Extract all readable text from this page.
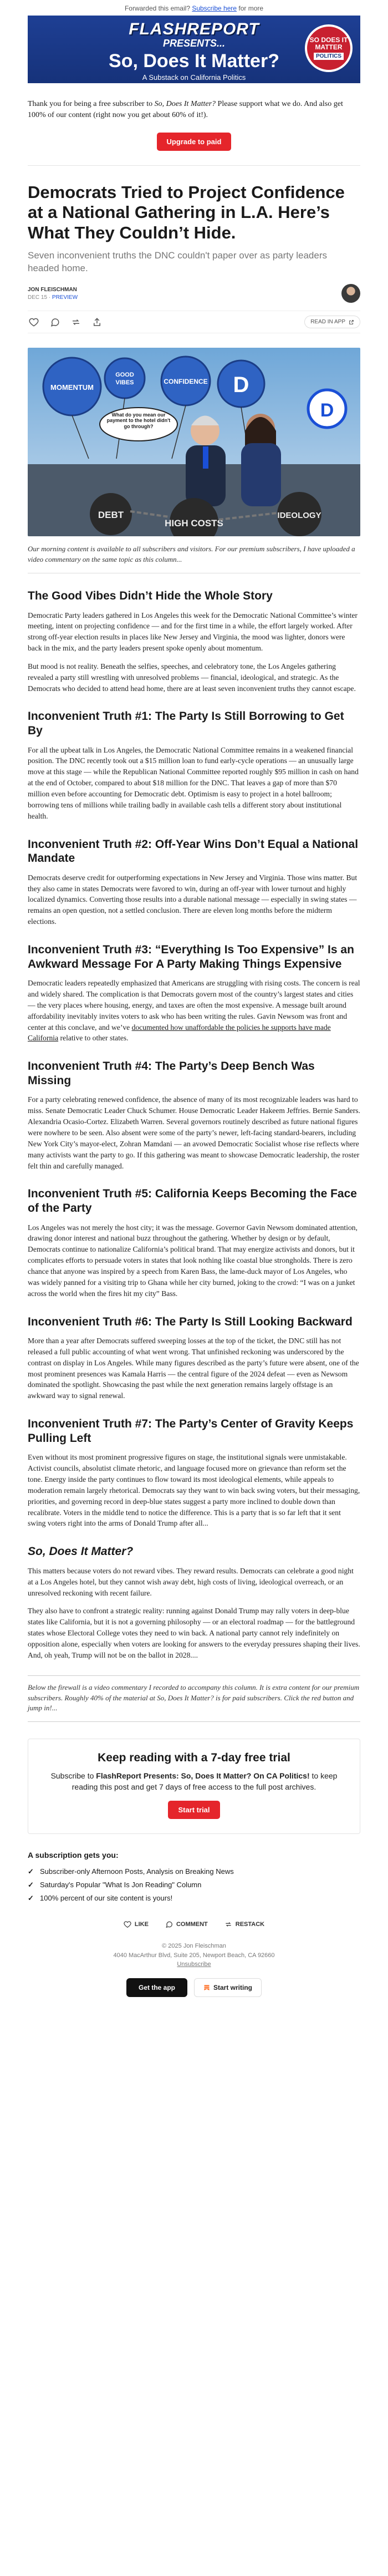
Forwarded this email? Subscribe here for more
FLASHREPORT
PRESENTS...
So, Does It Matter?
A Substack on California Politics
SO DOES IT
MATTER
POLITICS

Thank you for being a free subscriber to So, Does It Matter? Please support what we do. And also get 100% of our content (right now you get about 60% of it!).

Upgrade to paid
Democrats Tried to Project Confidence at a National Gathering in L.A. Here’s What They Couldn’t Hide.
Seven inconvenient truths the DNC couldn't paper over as party leaders headed home.
JON FLEISCHMAN
DEC 15 · PREVIEW
READ IN APP
MOMENTUM
GOOD
VIBES	CONFIDENCE D
What do you mean our payment to the hotel didn't go through?
D
DEBT
HIGH COSTS
IDEOLOGY

Our morning content is available to all subscribers and visitors. For our premium subscribers, I have uploaded a video commentary on the same topic as this column...

The Good Vibes Didn’t Hide the Whole Story

Democratic Party leaders gathered in Los Angeles this week for the Democratic National Committee’s winter meeting, intent on projecting confidence — and for the first time in a while, the effort largely worked. After strong off-year election results in places like New Jersey and Virginia, the mood was lighter, donors were back in the mix, and the party leaders present spoke openly about momentum.

But mood is not reality. Beneath the selfies, speeches, and celebratory tone, the Los Angeles gathering revealed a party still wrestling with unresolved problems — financial, ideological, and strategic. As the Democrats who decided to attend head home, there are at least seven inconvenient truths they cannot escape.

Inconvenient Truth #1: The Party Is Still Borrowing to Get By

For all the upbeat talk in Los Angeles, the Democratic National Committee remains in a weakened financial position. The DNC recently took out a $15 million loan to fund early-cycle operations — an unusually large move at this stage — while the Republican National Committee reported roughly $95 million in cash on hand at the end of October, compared to about $18 million for the DNC. That leaves a gap of more than $70 million even before accounting for Democratic debt. Optimism is easy to project in a hotel ballroom; borrowing tens of millions while trailing badly in available cash tells a different story about institutional health.

Inconvenient Truth #2: Off-Year Wins Don’t Equal a National Mandate

Democrats deserve credit for outperforming expectations in New Jersey and Virginia. Those wins matter. But they also came in states Democrats were favored to win, during an off-year with lower turnout and highly localized dynamics. Converting those results into a durable national message — especially in swing states — remains an open question, not a settled conclusion. There are eleven long months before the midterm elections.

Inconvenient Truth #3: “Everything Is Too Expensive” Is an Awkward Message For A Party Making Things Expensive

Democratic leaders repeatedly emphasized that Americans are struggling with rising costs. The concern is real and widely shared. The complication is that Democrats govern most of the country’s largest states and cities — the very places where housing, energy, and taxes are often the most expensive. A message built around affordability inevitably invites voters to ask who has been writing the rules. Gavin Newsom was front and center at this conclave, and we’ve documented how unaffordable the policies he supports have made California relative to other states.

Inconvenient Truth #4: The Party’s Deep Bench Was Missing

For a party celebrating renewed confidence, the absence of many of its most recognizable leaders was hard to miss. Senate Democratic Leader Chuck Schumer. House Democratic Leader Hakeem Jeffries. Bernie Sanders. Alexandria Ocasio-Cortez. Elizabeth Warren. Several governors routinely described as future national figures were nowhere to be seen. Also absent were some of the party’s newer, left-facing standard-bearers, including New York City’s mayor-elect, Zohran Mamdani — an avowed Democratic Socialist whose rise reflects where many activists want the party to go. If this gathering was meant to showcase Democratic leadership, the roster felt thin and carefully managed.

Inconvenient Truth #5: California Keeps Becoming the Face of the Party

Los Angeles was not merely the host city; it was the message. Governor Gavin Newsom dominated attention, drawing donor interest and national buzz throughout the gathering. Whether by design or by default, Democrats continue to nationalize California’s political brand. That may energize activists and donors, but it complicates efforts to persuade voters in states that look nothing like coastal blue strongholds. There is zero chance that anyone was inspired by a speech from Karen Bass, the lame-duck mayor of Los Angeles, who was widely panned for a visiting trip to Ghana while her city burned, joking to the crowd: “I was on a junket across the world when the fires hit my city” Bass.

Inconvenient Truth #6: The Party Is Still Looking Backward

More than a year after Democrats suffered sweeping losses at the top of the ticket, the DNC still has not released a full public accounting of what went wrong. That unfinished reckoning was underscored by the contrast on display in Los Angeles. While many figures described as the party’s future were absent, one of the most prominent presences was Kamala Harris — the central figure of the 2024 defeat — even as Newsom dominated the spotlight. Showcasing the past while the next generation remains largely offstage is an awkward way to signal renewal.

Inconvenient Truth #7: The Party’s Center of Gravity Keeps Pulling Left

Even without its most prominent progressive figures on stage, the institutional signals were unmistakable. Activist councils, absolutist climate rhetoric, and language focused more on grievance than reform set the tone. Energy inside the party continues to flow toward its most ideological elements, while appeals to moderation remain largely rhetorical. Democrats say they want to win back swing voters, but their messaging, priorities, and governing record in deep-blue states suggest a party more inclined to double down than recalibrate. Voters in the middle tend to notice the difference. This is a party that is so far left that it sent swing voters right into the arms of Donald Trump after all...

So, Does It Matter?

This matters because voters do not reward vibes. They reward results. Democrats can celebrate a good night at a Los Angeles hotel, but they cannot wish away debt, high costs of living, ideological overreach, or an unresolved reckoning with recent failure.

They also have to confront a strategic reality: running against Donald Trump may rally voters in deep-blue states like California, but it is not a governing philosophy — or an electoral roadmap — for the battleground states whose Electoral College votes they need to win back. A national party cannot rely indefinitely on opposition alone, especially when voters are looking for answers to the everyday pressures shaping their lives. And, oh yeah, Trump will not be on the ballot in 2028....

Below the firewall is a video commentary I recorded to accompany this column. It is extra content for our premium subscribers. Roughly 40% of the material at So, Does It Matter? is for paid subscribers. Click the red button and jump in!...

Keep reading with a 7-day free trial

Subscribe to FlashReport Presents: So, Does It Matter? On CA Politics! to keep reading this post and get 7 days of free access to the full post archives.

Start trial
A subscription gets you:
✓ Subscriber-only Afternoon Posts, Analysis on Breaking News
✓ Saturday's Popular "What Is Jon Reading" Column
✓ 100% percent of our site content is yours!
LIKE	COMMENT	RESTACK
© 2025 Jon Fleischman
4040 MacArthur Blvd, Suite 205, Newport Beach, CA 92660
Unsubscribe
Get the app	Start writing
